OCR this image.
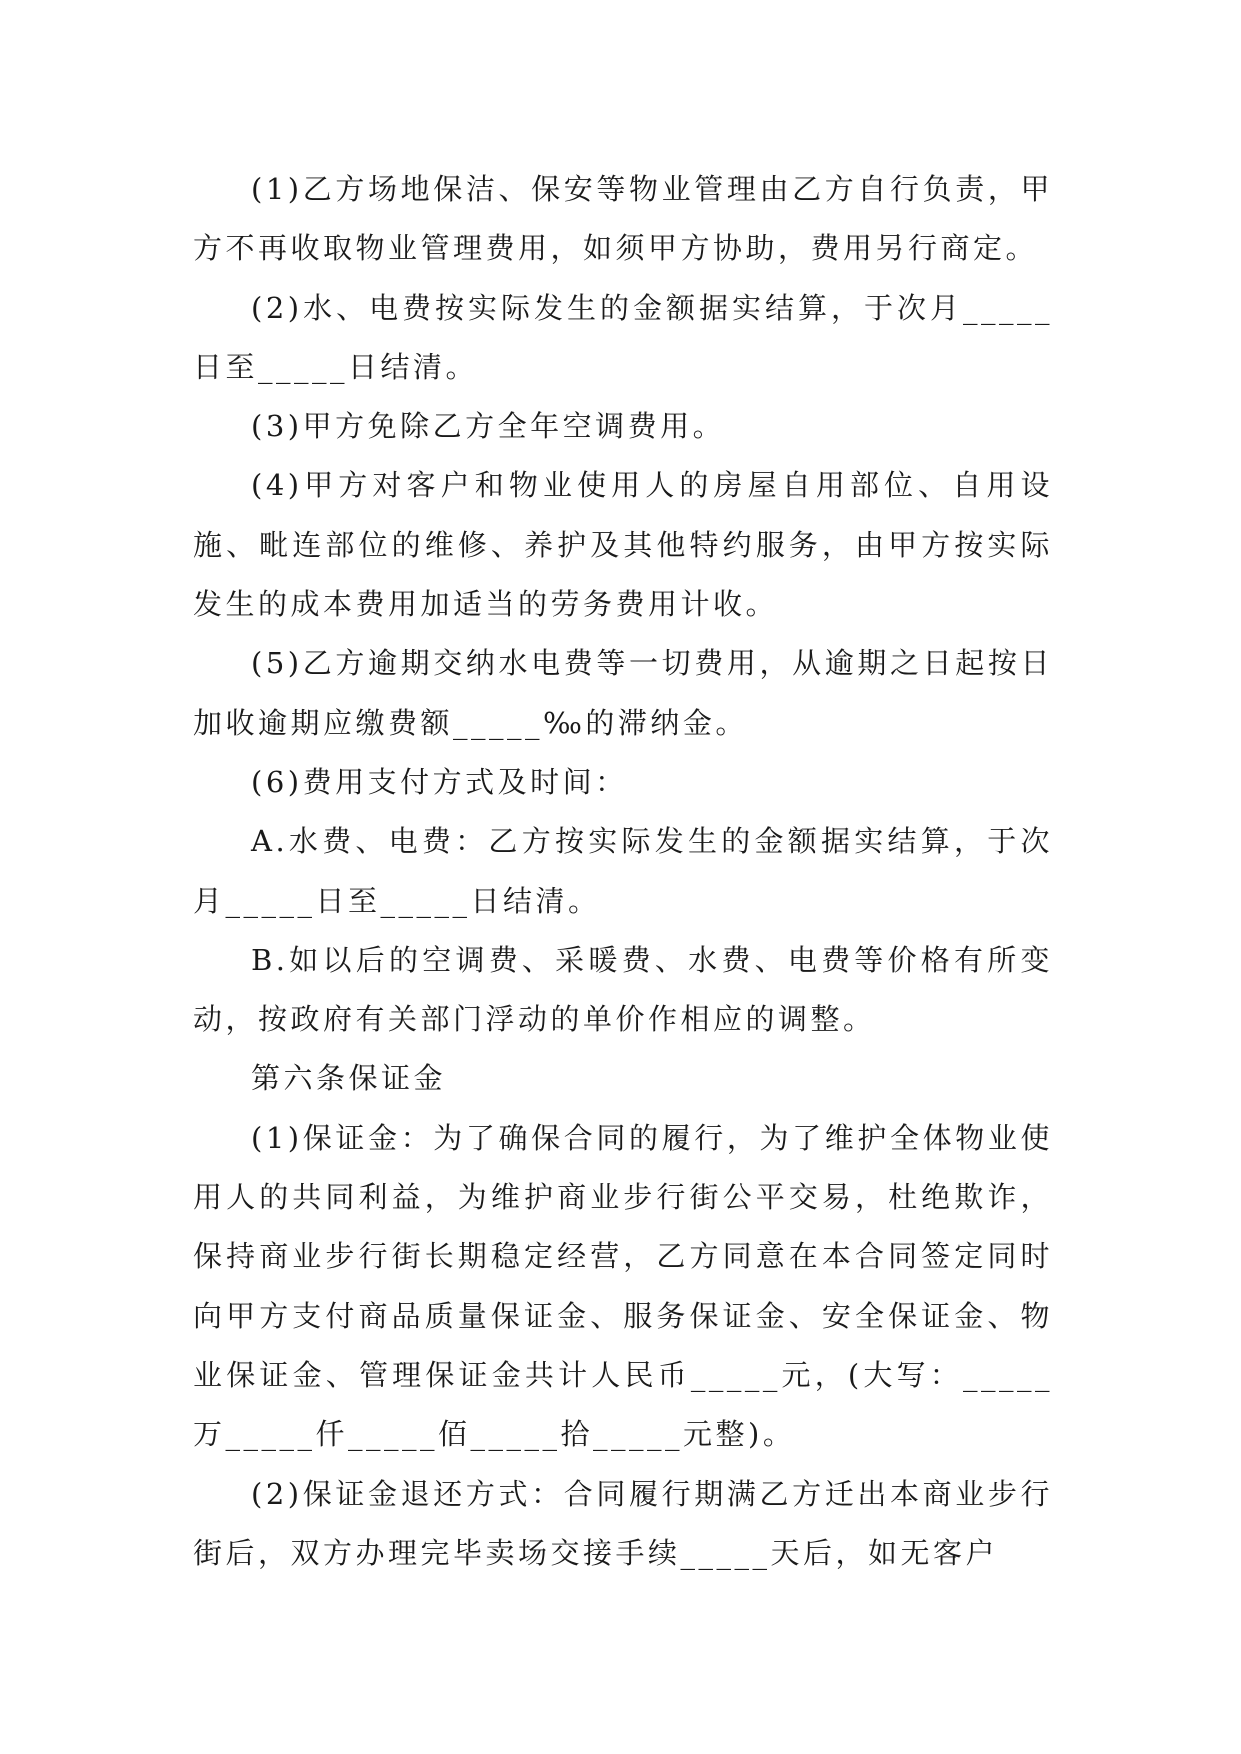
(1)乙方场地保洁、保安等物业管理由乙方自行负责，甲方不再收取物业管理费用，如须甲方协助，费用另行商定。

(2)水、电费按实际发生的金额据实结算，于次月_____日至_____日结清。

(3)甲方免除乙方全年空调费用。

(4)甲方对客户和物业使用人的房屋自用部位、自用设施、毗连部位的维修、养护及其他特约服务，由甲方按实际发生的成本费用加适当的劳务费用计收。

(5)乙方逾期交纳水电费等一切费用，从逾期之日起按日加收逾期应缴费额_____‰的滞纳金。

(6)费用支付方式及时间：

A.水费、电费：乙方按实际发生的金额据实结算，于次月_____日至_____日结清。

B.如以后的空调费、采暖费、水费、电费等价格有所变动，按政府有关部门浮动的单价作相应的调整。

第六条保证金

(1)保证金：为了确保合同的履行，为了维护全体物业使用人的共同利益，为维护商业步行街公平交易，杜绝欺诈，保持商业步行街长期稳定经营，乙方同意在本合同签定同时向甲方支付商品质量保证金、服务保证金、安全保证金、物业保证金、管理保证金共计人民币_____元，(大写：_____万_____仟_____佰_____拾_____元整)。

(2)保证金退还方式：合同履行期满乙方迁出本商业步行街后，双方办理完毕卖场交接手续_____天后，如无客户
